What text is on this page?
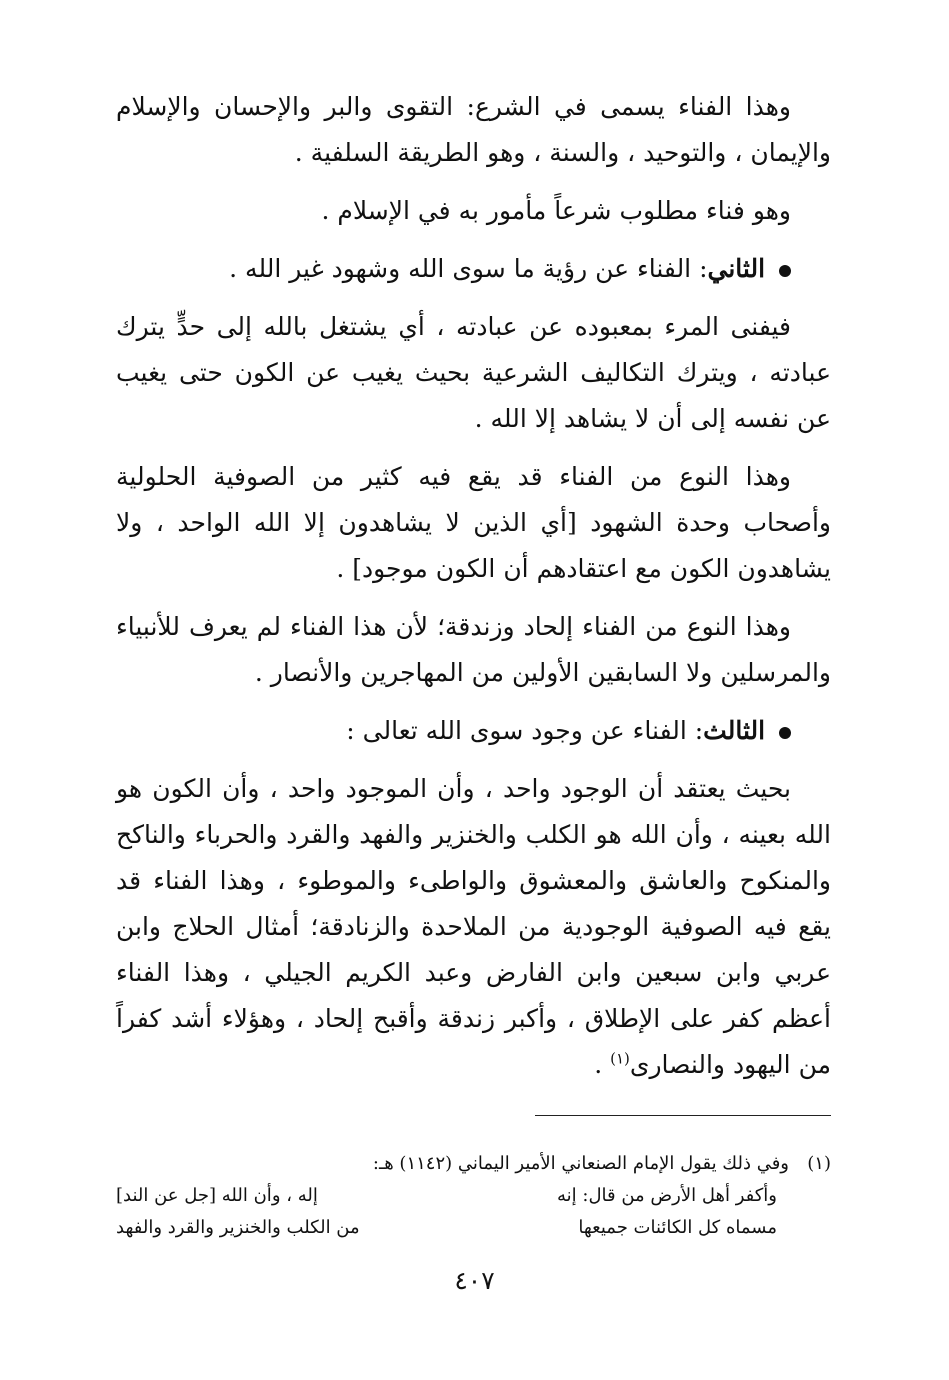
وهذا الفناء يسمى في الشرع: التقوى والبر والإحسان والإسلام والإيمان ، والتوحيد ، والسنة ، وهو الطريقة السلفية .

وهو فناء مطلوب شرعاً مأمور به في الإسلام .

الثاني: الفناء عن رؤية ما سوى الله وشهود غير الله .

فيفنى المرء بمعبوده عن عبادته ، أي يشتغل بالله إلى حدٍّ يترك عبادته ، ويترك التكاليف الشرعية بحيث يغيب عن الكون حتى يغيب عن نفسه إلى أن لا يشاهد إلا الله .

وهذا النوع من الفناء قد يقع فيه كثير من الصوفية الحلولية وأصحاب وحدة الشهود [أي الذين لا يشاهدون إلا الله الواحد ، ولا يشاهدون الكون مع اعتقادهم أن الكون موجود] .

وهذا النوع من الفناء إلحاد وزندقة؛ لأن هذا الفناء لم يعرف للأنبياء والمرسلين ولا السابقين الأولين من المهاجرين والأنصار .

الثالث: الفناء عن وجود سوى الله تعالى :

بحيث يعتقد أن الوجود واحد ، وأن الموجود واحد ، وأن الكون هو الله بعينه ، وأن الله هو الكلب والخنزير والفهد والقرد والحرباء والناكح والمنكوح والعاشق والمعشوق والواطىء والموطوء ، وهذا الفناء قد يقع فيه الصوفية الوجودية من الملاحدة والزنادقة؛ أمثال الحلاج وابن عربي وابن سبعين وابن الفارض وعبد الكريم الجيلي ، وهذا الفناء أعظم كفر على الإطلاق ، وأكبر زندقة وأقبح إلحاد ، وهؤلاء أشد كفراً من اليهود والنصارى$^{(١)}$ .

(١)وفي ذلك يقول الإمام الصنعاني الأمير اليماني (١١٤٢) هـ:

وأكفر أهل الأرض من قال: إنه
إله ، وأن الله [جل عن الند]
مسماه كل الكائنات جميعها
من الكلب والخنزير والقرد والفهد
٤٠٧
